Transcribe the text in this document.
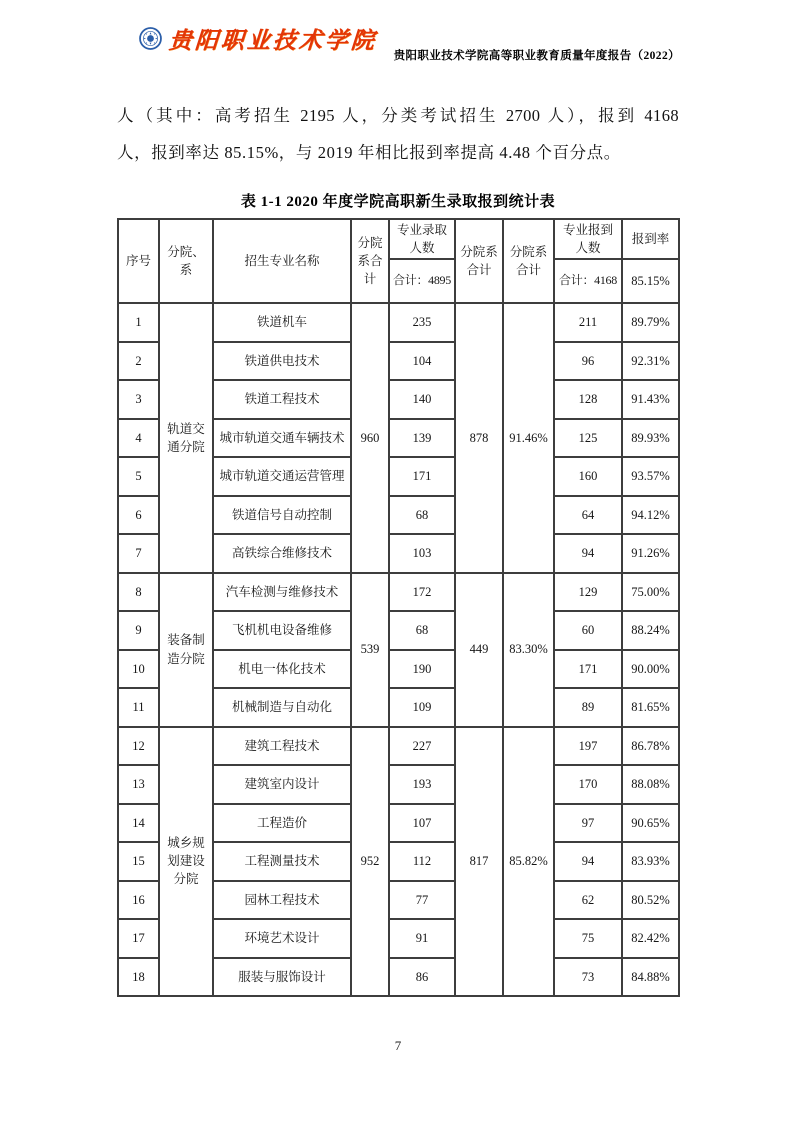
贵阳职业技术学院
贵阳职业技术学院高等职业教育质量年度报告（2022）
人（其中：高考招生 2195 人，分类考试招生 2700 人），报到 4168
人，报到率达 85.15%，与 2019 年相比报到率提高 4.48 个百分点。
表 1-1 2020 年度学院高职新生录取报到统计表
序号	分院、系	招生专业名称	分院系合计	专业录取人数	分院系合计	分院系合计	专业报到人数	报到率
				合计：4895			合计：4168	85.15%
1	轨道交通分院	铁道机车	960	235	878	91.46%	211	89.79%
2		铁道供电技术		104			96	92.31%
3		铁道工程技术		140			128	91.43%
4		城市轨道交通车辆技术		139			125	89.93%
5		城市轨道交通运营管理		171			160	93.57%
6		铁道信号自动控制		68			64	94.12%
7		高铁综合维修技术		103			94	91.26%
8	装备制造分院	汽车检测与维修技术	539	172	449	83.30%	129	75.00%
9		飞机机电设备维修		68			60	88.24%
10		机电一体化技术		190			171	90.00%
11		机械制造与自动化		109			89	81.65%
12	城乡规划建设分院	建筑工程技术	952	227	817	85.82%	197	86.78%
13		建筑室内设计		193			170	88.08%
14		工程造价		107			97	90.65%
15		工程测量技术		112			94	83.93%
16		园林工程技术		77			62	80.52%
17		环境艺术设计		91			75	82.42%
18		服装与服饰设计		86			73	84.88%
7
